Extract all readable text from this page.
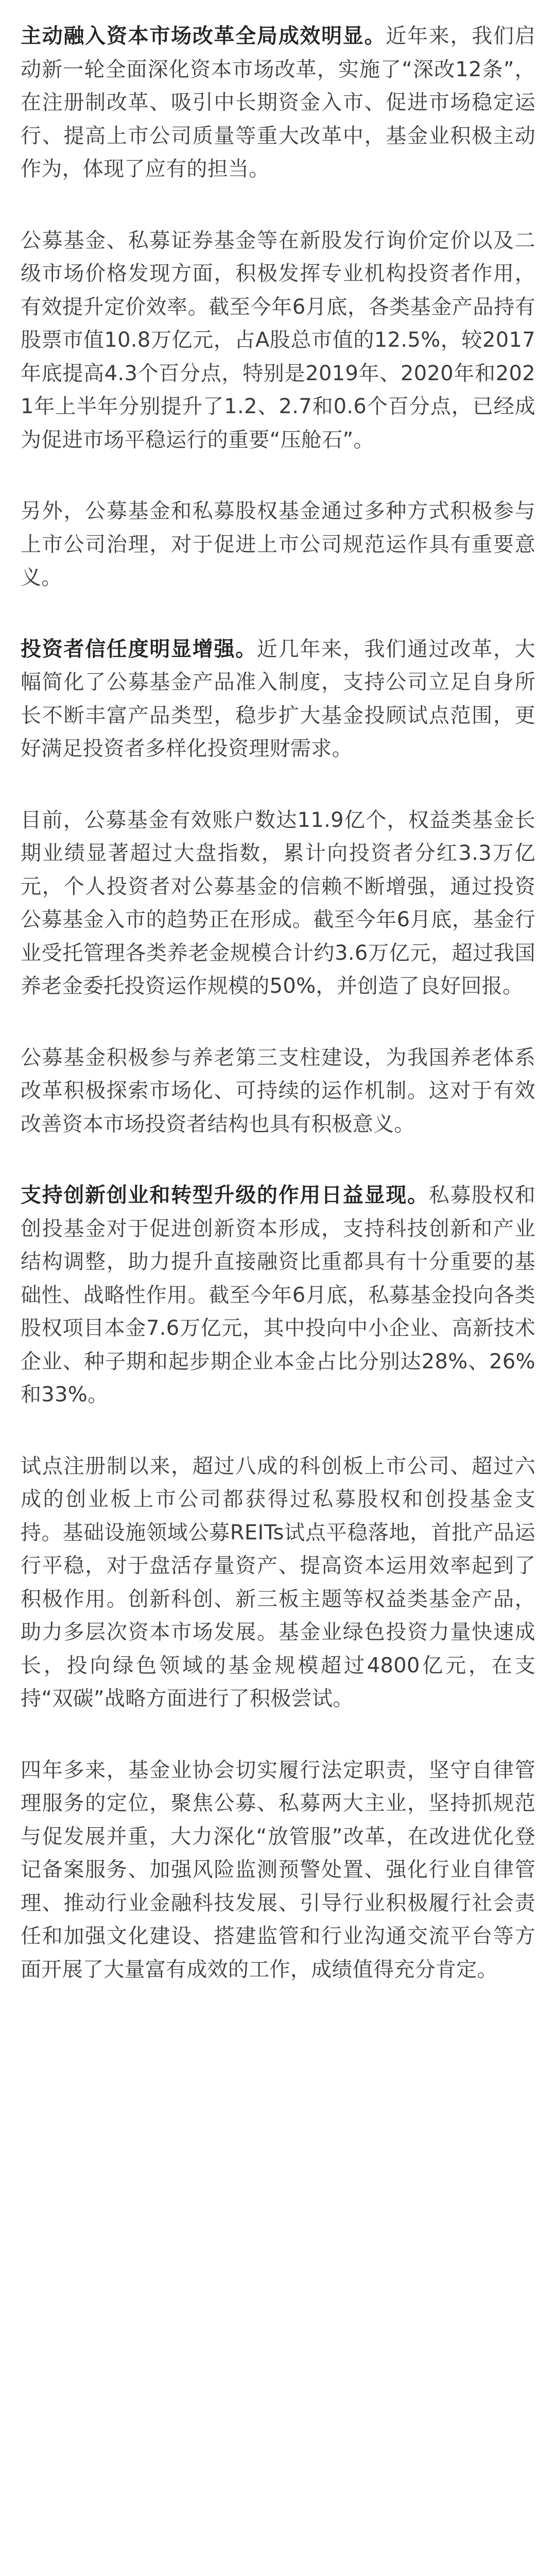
主动融入资本市场改革全局成效明显。近年来，我们启动新一轮全面深化资本市场改革，实施了“深改12条”，在注册制改革、吸引中长期资金入市、促进市场稳定运行、提高上市公司质量等重大改革中，基金业积极主动作为，体现了应有的担当。

公募基金、私募证券基金等在新股发行询价定价以及二级市场价格发现方面，积极发挥专业机构投资者作用，有效提升定价效率。截至今年6月底，各类基金产品持有股票市值10.8万亿元，占A股总市值的12.5%，较2017年底提高4.3个百分点，特别是2019年、2020年和2021年上半年分别提升了1.2、2.7和0.6个百分点，已经成为促进市场平稳运行的重要“压舱石”。

另外，公募基金和私募股权基金通过多种方式积极参与上市公司治理，对于促进上市公司规范运作具有重要意义。

投资者信任度明显增强。近几年来，我们通过改革，大幅简化了公募基金产品准入制度，支持公司立足自身所长不断丰富产品类型，稳步扩大基金投顾试点范围，更好满足投资者多样化投资理财需求。

目前，公募基金有效账户数达11.9亿个，权益类基金长期业绩显著超过大盘指数，累计向投资者分红3.3万亿元，个人投资者对公募基金的信赖不断增强，通过投资公募基金入市的趋势正在形成。截至今年6月底，基金行业受托管理各类养老金规模合计约3.6万亿元，超过我国养老金委托投资运作规模的50%，并创造了良好回报。

公募基金积极参与养老第三支柱建设，为我国养老体系改革积极探索市场化、可持续的运作机制。这对于有效改善资本市场投资者结构也具有积极意义。

支持创新创业和转型升级的作用日益显现。私募股权和创投基金对于促进创新资本形成，支持科技创新和产业结构调整，助力提升直接融资比重都具有十分重要的基础性、战略性作用。截至今年6月底，私募基金投向各类股权项目本金7.6万亿元，其中投向中小企业、高新技术企业、种子期和起步期企业本金占比分别达28%、26%和33%。

试点注册制以来，超过八成的科创板上市公司、超过六成的创业板上市公司都获得过私募股权和创投基金支持。基础设施领域公募REITs试点平稳落地，首批产品运行平稳，对于盘活存量资产、提高资本运用效率起到了积极作用。创新科创、新三板主题等权益类基金产品，助力多层次资本市场发展。基金业绿色投资力量快速成长，投向绿色领域的基金规模超过4800亿元，在支持“双碳”战略方面进行了积极尝试。

四年多来，基金业协会切实履行法定职责，坚守自律管理服务的定位，聚焦公募、私募两大主业，坚持抓规范与促发展并重，大力深化“放管服”改革，在改进优化登记备案服务、加强风险监测预警处置、强化行业自律管理、推动行业金融科技发展、引导行业积极履行社会责任和加强文化建设、搭建监管和行业沟通交流平台等方面开展了大量富有成效的工作，成绩值得充分肯定。
